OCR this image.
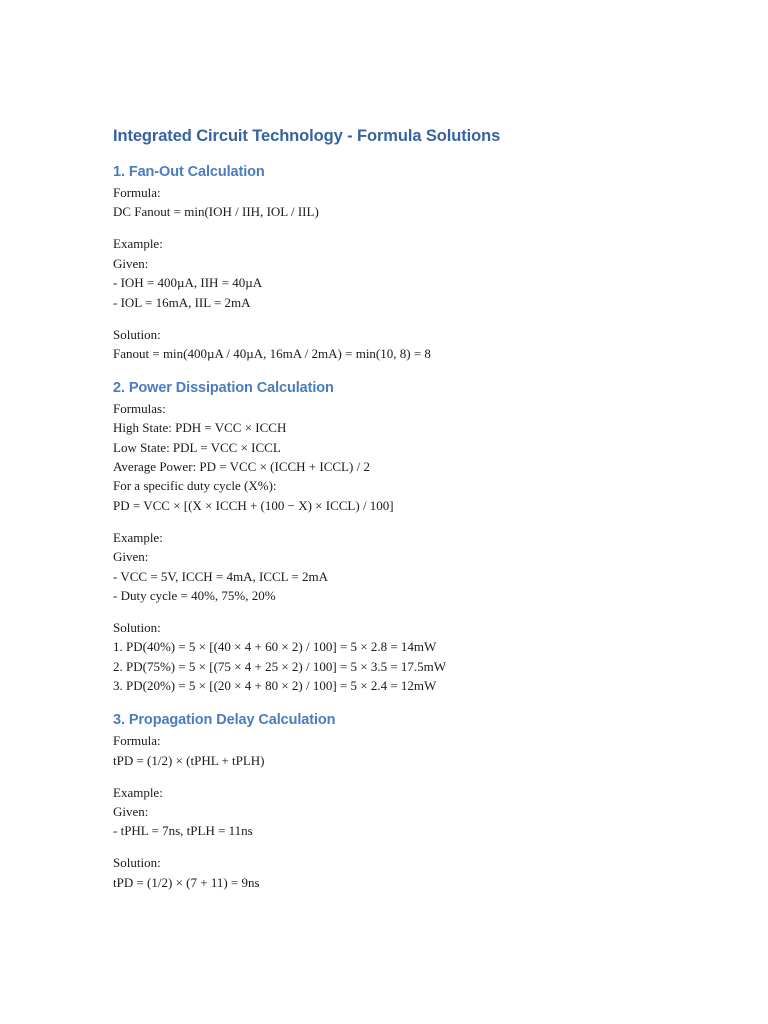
Integrated Circuit Technology - Formula Solutions
1. Fan-Out Calculation
Formula:
DC Fanout = min(IOH / IIH, IOL / IIL)
Example:
Given:
- IOH = 400µA, IIH = 40µA
- IOL = 16mA, IIL = 2mA
Solution:
Fanout = min(400µA / 40µA, 16mA / 2mA) = min(10, 8) = 8
2. Power Dissipation Calculation
Formulas:
High State: PDH = VCC × ICCH
Low State: PDL = VCC × ICCL
Average Power: PD = VCC × (ICCH + ICCL) / 2
For a specific duty cycle (X%):
PD = VCC × [(X × ICCH + (100 − X) × ICCL) / 100]
Example:
Given:
- VCC = 5V, ICCH = 4mA, ICCL = 2mA
- Duty cycle = 40%, 75%, 20%
Solution:
1. PD(40%) = 5 × [(40 × 4 + 60 × 2) / 100] = 5 × 2.8 = 14mW
2. PD(75%) = 5 × [(75 × 4 + 25 × 2) / 100] = 5 × 3.5 = 17.5mW
3. PD(20%) = 5 × [(20 × 4 + 80 × 2) / 100] = 5 × 2.4 = 12mW
3. Propagation Delay Calculation
Formula:
tPD = (1/2) × (tPHL + tPLH)
Example:
Given:
- tPHL = 7ns, tPLH = 11ns
Solution:
tPD = (1/2) × (7 + 11) = 9ns
